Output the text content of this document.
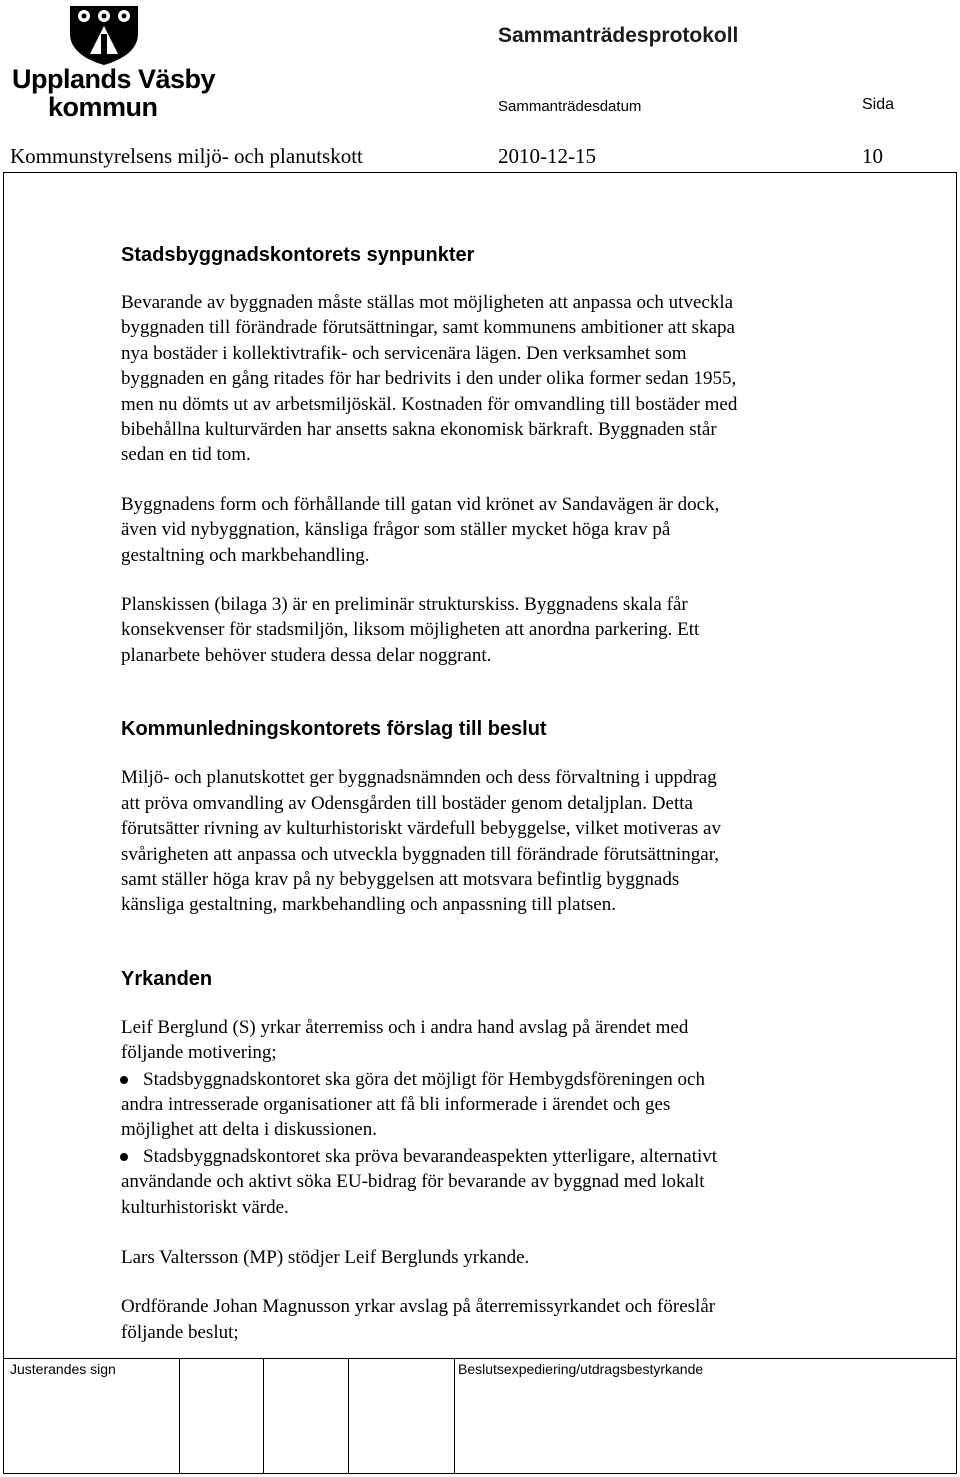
Upplands Väsby
kommun
Sammanträdesprotokoll
Sammanträdesdatum	Sida
Kommunstyrelsens miljö- och planutskott	2010-12-15	10
Stadsbyggnadskontorets synpunkter

Bevarande av byggnaden måste ställas mot möjligheten att anpassa och utveckla
byggnaden till förändrade förutsättningar, samt kommunens ambitioner att skapa
nya bostäder i kollektivtrafik- och servicenära lägen. Den verksamhet som
byggnaden en gång ritades för har bedrivits i den under olika former sedan 1955,
men nu dömts ut av arbetsmiljöskäl. Kostnaden för omvandling till bostäder med
bibehållna kulturvärden har ansetts sakna ekonomisk bärkraft. Byggnaden står
sedan en tid tom.

Byggnadens form och förhållande till gatan vid krönet av Sandavägen är dock,
även vid nybyggnation, känsliga frågor som ställer mycket höga krav på
gestaltning och markbehandling.

Planskissen (bilaga 3) är en preliminär strukturskiss. Byggnadens skala får
konsekvenser för stadsmiljön, liksom möjligheten att anordna parkering. Ett
planarbete behöver studera dessa delar noggrant.

Kommunledningskontorets förslag till beslut

Miljö- och planutskottet ger byggnadsnämnden och dess förvaltning i uppdrag
att pröva omvandling av Odensgården till bostäder genom detaljplan. Detta
förutsätter rivning av kulturhistoriskt värdefull bebyggelse, vilket motiveras av
svårigheten att anpassa och utveckla byggnaden till förändrade förutsättningar,
samt ställer höga krav på ny bebyggelsen att motsvara befintlig byggnads
känsliga gestaltning, markbehandling och anpassning till platsen.

Yrkanden

Leif Berglund (S) yrkar återremiss och i andra hand avslag på ärendet med
följande motivering;

Stadsbyggnadskontoret ska göra det möjligt för Hembygdsföreningen och
andra intresserade organisationer att få bli informerade i ärendet och ges
möjlighet att delta i diskussionen.
Stadsbyggnadskontoret ska pröva bevarandeaspekten ytterligare, alternativt
användande och aktivt söka EU-bidrag för bevarande av byggnad med lokalt
kulturhistoriskt värde.

Lars Valtersson (MP) stödjer Leif Berglunds yrkande.

Ordförande Johan Magnusson yrkar avslag på återremissyrkandet och föreslår
följande beslut;

Justerandes sign	Beslutsexpediering/utdragsbestyrkande
